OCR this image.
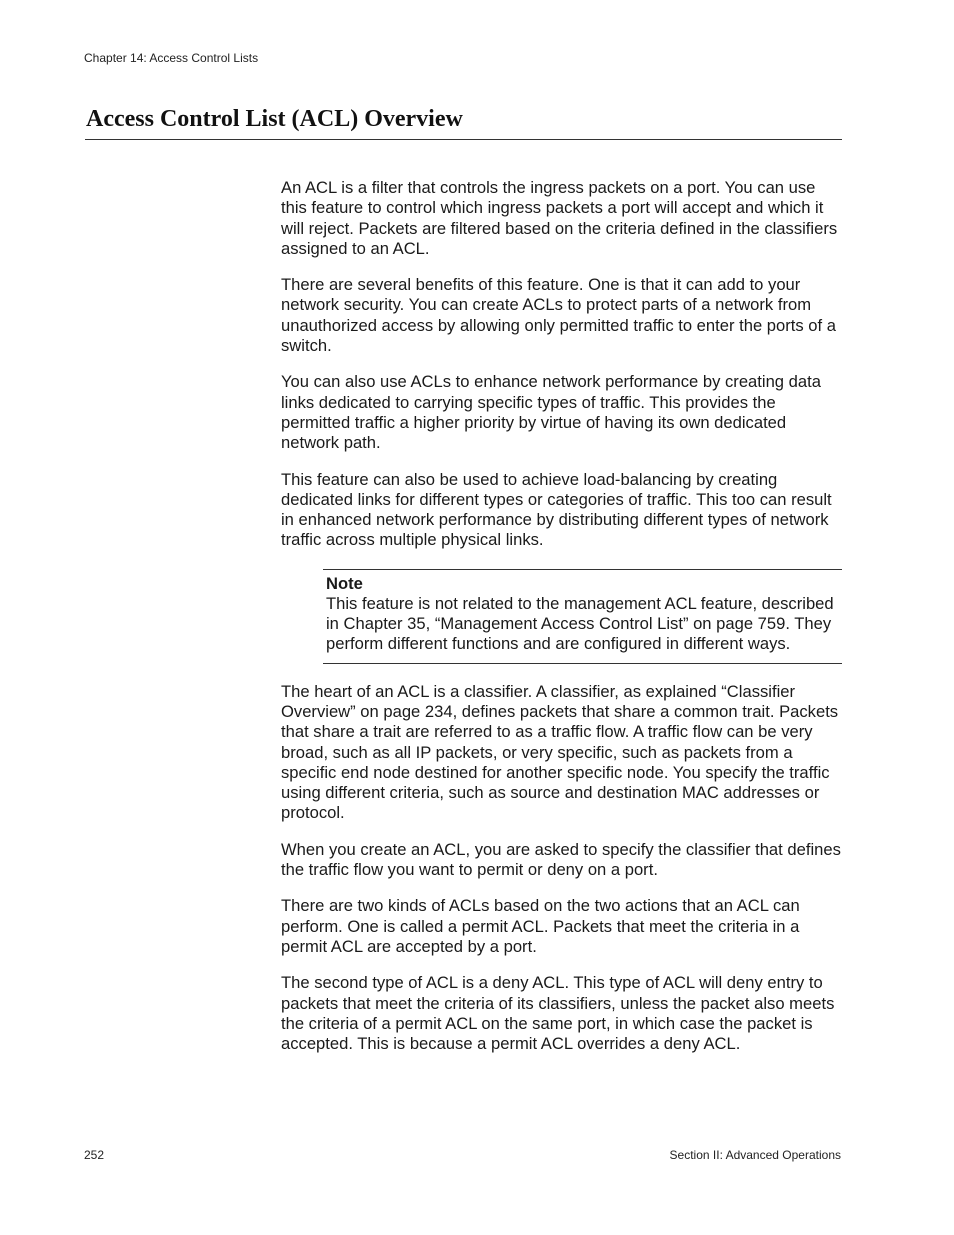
Chapter 14: Access Control Lists
Access Control List (ACL) Overview

An ACL is a filter that controls the ingress packets on a port. You can use this feature to control which ingress packets a port will accept and which it will reject. Packets are filtered based on the criteria defined in the classifiers assigned to an ACL.

There are several benefits of this feature. One is that it can add to your network security. You can create ACLs to protect parts of a network from unauthorized access by allowing only permitted traffic to enter the ports of a switch.

You can also use ACLs to enhance network performance by creating data links dedicated to carrying specific types of traffic. This provides the permitted traffic a higher priority by virtue of having its own dedicated network path.

This feature can also be used to achieve load-balancing by creating dedicated links for different types or categories of traffic. This too can result in enhanced network performance by distributing different types of network traffic across multiple physical links.

Note
This feature is not related to the management ACL feature, described in Chapter 35, “Management Access Control List” on page 759. They perform different functions and are configured in different ways.

The heart of an ACL is a classifier. A classifier, as explained “Classifier Overview” on page 234, defines packets that share a common trait. Packets that share a trait are referred to as a traffic flow. A traffic flow can be very broad, such as all IP packets, or very specific, such as packets from a specific end node destined for another specific node. You specify the traffic using different criteria, such as source and destination MAC addresses or protocol.

When you create an ACL, you are asked to specify the classifier that defines the traffic flow you want to permit or deny on a port.

There are two kinds of ACLs based on the two actions that an ACL can perform. One is called a permit ACL. Packets that meet the criteria in a permit ACL are accepted by a port.

The second type of ACL is a deny ACL. This type of ACL will deny entry to packets that meet the criteria of its classifiers, unless the packet also meets the criteria of a permit ACL on the same port, in which case the packet is accepted. This is because a permit ACL overrides a deny ACL.

252	Section II: Advanced Operations
